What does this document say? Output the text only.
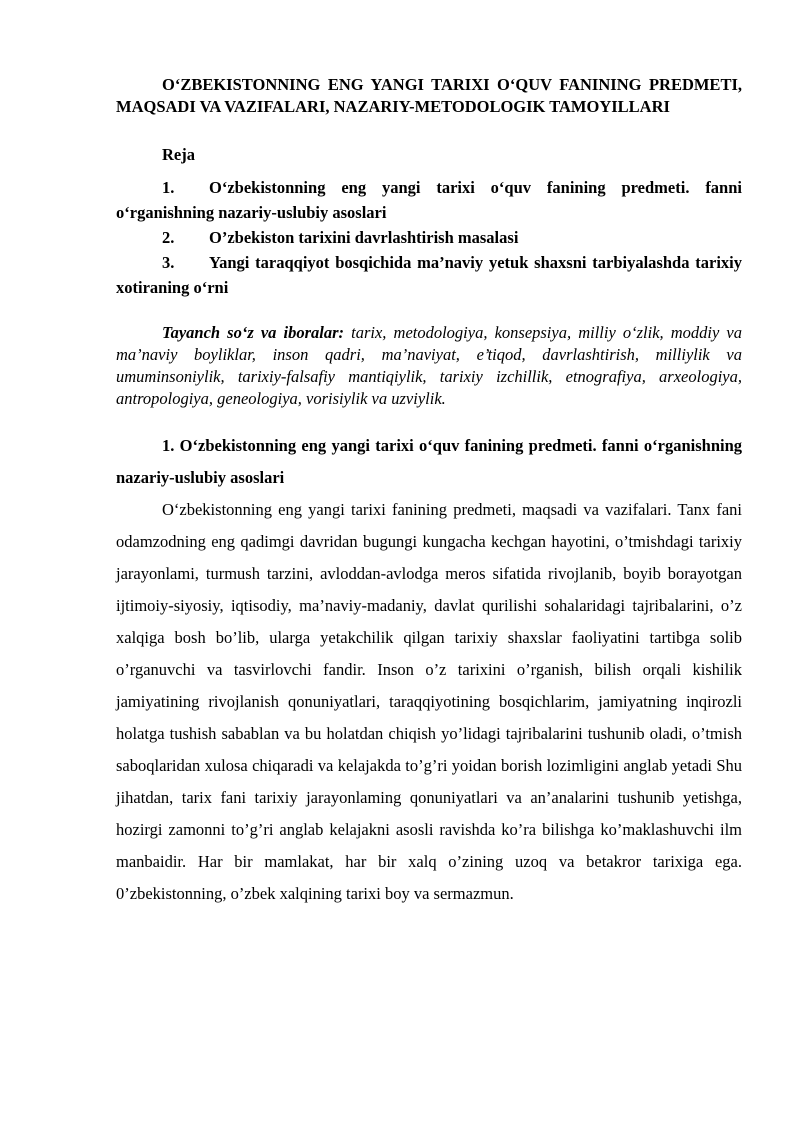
O‘ZBEKISTONNING ENG YANGI TARIXI O‘QUV FANINING PREDMETI, MAQSADI VA VAZIFALARI, NAZARIY-METODOLOGIK TAMOYILLARI

Reja

1. O‘zbekistonning eng yangi tarixi o‘quv fanining predmeti. fanni o‘rganishning nazariy-uslubiy asoslari

2. O’zbekiston tarixini davrlashtirish masalasi

3. Yangi taraqqiyot bosqichida ma’naviy yetuk shaxsni tarbiyalashda tarixiy xotiraning o‘rni

Tayanch so‘z va iboralar: tarix, metodologiya, konsepsiya, milliy o‘zlik, moddiy va ma’naviy boyliklar, inson qadri, ma’naviyat, e’tiqod, davrlashtirish, milliylik va umuminsoniylik, tarixiy-falsafiy mantiqiylik, tarixiy izchillik, etnografiya, arxeologiya, antropologiya, geneologiya, vorisiylik va uzviylik.

1. O‘zbekistonning eng yangi tarixi o‘quv fanining predmeti. fanni o‘rganishning nazariy-uslubiy asoslari

O‘zbekistonning eng yangi tarixi fanining predmeti, maqsadi va vazifalari. Tanx fani odamzodning eng qadimgi davridan bugungi kungacha kechgan hayotini, o’tmishdagi tarixiy jarayonlami, turmush tarzini, avloddan-avlodga meros sifatida rivojlanib, boyib borayotgan ijtimoiy-siyosiy, iqtisodiy, ma’naviy-madaniy, davlat qurilishi sohalaridagi tajribalarini, o’z xalqiga bosh bo’lib, ularga yetakchilik qilgan tarixiy shaxslar faoliyatini tartibga solib o’rganuvchi va tasvirlovchi fandir. Inson o’z tarixini o’rganish, bilish orqali kishilik jamiyatining rivojlanish qonuniyatlari, taraqqiyotining bosqichlarim, jamiyatning inqirozli holatga tushish sabablan va bu holatdan chiqish yo’lidagi tajribalarini tushunib oladi, o’tmish saboqlaridan xulosa chiqaradi va kelajakda to’g’ri yoidan borish lozimligini anglab yetadi Shu jihatdan, tarix fani tarixiy jarayonlaming qonuniyatlari va an’analarini tushunib yetishga, hozirgi zamonni to’g’ri anglab kelajakni asosli ravishda ko’ra bilishga ko’maklashuvchi ilm manbaidir. Har bir mamlakat, har bir xalq o’zining uzoq va betakror tarixiga ega. 0’zbekistonning, o’zbek xalqining tarixi boy va sermazmun.
